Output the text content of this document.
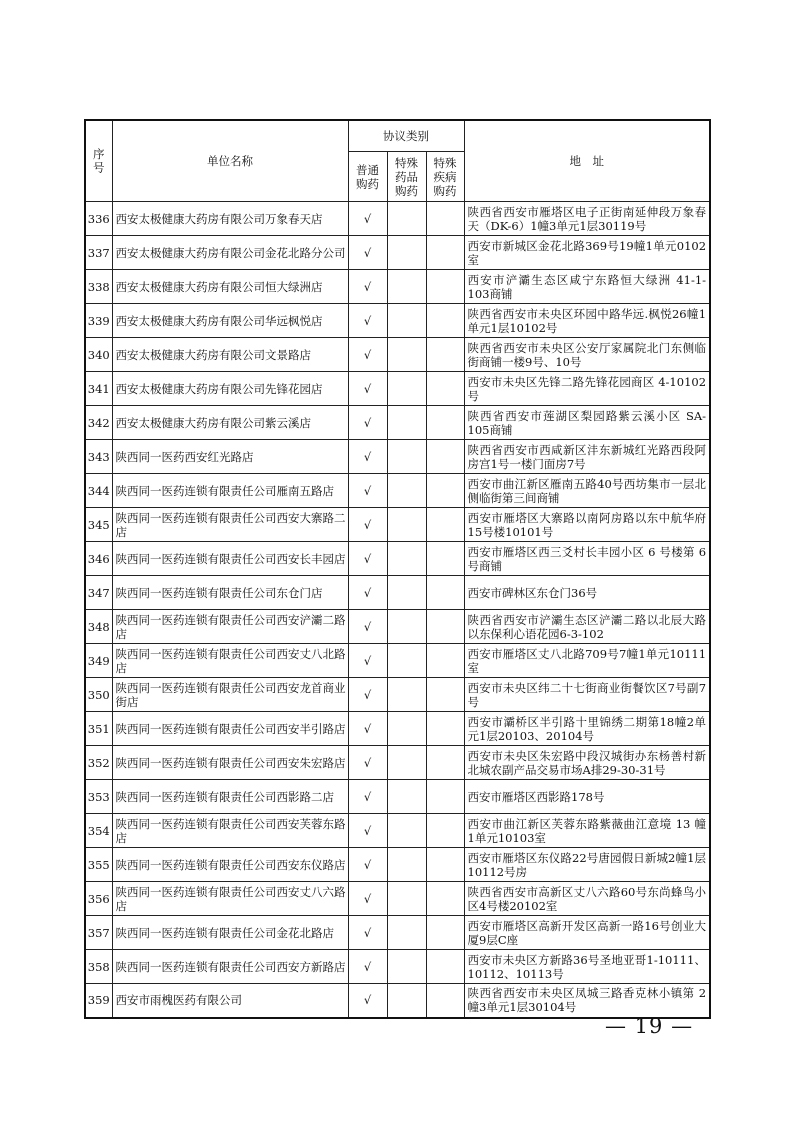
序号	单位名称	协议类别			地　址
		普通购药	特殊药品购药	特殊疾病购药	
336	西安太极健康大药房有限公司万象春天店	√			陕西省西安市雁塔区电子正街南延伸段万象春天（DK-6）1幢3单元1层30119号
337	西安太极健康大药房有限公司金花北路分公司	√			西安市新城区金花北路369号19幢1单元0102室
338	西安太极健康大药房有限公司恒大绿洲店	√			西安市浐灞生态区咸宁东路恒大绿洲 41-1-103商铺
339	西安太极健康大药房有限公司华远枫悦店	√			陕西省西安市未央区环园中路华远.枫悦26幢1单元1层10102号
340	西安太极健康大药房有限公司文景路店	√			陕西省西安市未央区公安厅家属院北门东侧临街商铺一楼9号、10号
341	西安太极健康大药房有限公司先锋花园店	√			西安市未央区先锋二路先锋花园商区 4-10102号
342	西安太极健康大药房有限公司紫云溪店	√			陕西省西安市莲湖区梨园路紫云溪小区 SA-105商铺
343	陕西同一医药西安红光路店	√			陕西省西安市西咸新区沣东新城红光路西段阿房宫1号一楼门面房7号
344	陕西同一医药连锁有限责任公司雁南五路店	√			西安市曲江新区雁南五路40号西坊集市一层北侧临街第三间商铺
345	陕西同一医药连锁有限责任公司西安大寨路二店	√			西安市雁塔区大寨路以南阿房路以东中航华府15号楼10101号
346	陕西同一医药连锁有限责任公司西安长丰园店	√			西安市雁塔区西三爻村长丰园小区 6 号楼第 6号商铺
347	陕西同一医药连锁有限责任公司东仓门店	√			西安市碑林区东仓门36号
348	陕西同一医药连锁有限责任公司西安浐灞二路店	√			陕西省西安市浐灞生态区浐灞二路以北辰大路以东保利心语花园6-3-102
349	陕西同一医药连锁有限责任公司西安丈八北路店	√			西安市雁塔区丈八北路709号7幢1单元10111室
350	陕西同一医药连锁有限责任公司西安龙首商业街店	√			西安市未央区纬二十七街商业街餐饮区7号副7号
351	陕西同一医药连锁有限责任公司西安半引路店	√			西安市灞桥区半引路十里锦绣二期第18幢2单元1层20103、20104号
352	陕西同一医药连锁有限责任公司西安朱宏路店	√			西安市未央区朱宏路中段汉城街办东杨善村新北城农副产品交易市场A排29-30-31号
353	陕西同一医药连锁有限责任公司西影路二店	√			西安市雁塔区西影路178号
354	陕西同一医药连锁有限责任公司西安芙蓉东路店	√			西安市曲江新区芙蓉东路紫薇曲江意境 13 幢 1单元10103室
355	陕西同一医药连锁有限责任公司西安东仪路店	√			西安市雁塔区东仪路22号唐园假日新城2幢1层10112号房
356	陕西同一医药连锁有限责任公司西安丈八六路店	√			陕西省西安市高新区丈八六路60号东尚蜂鸟小区4号楼20102室
357	陕西同一医药连锁有限责任公司金花北路店	√			西安市雁塔区高新开发区高新一路16号创业大厦9层C座
358	陕西同一医药连锁有限责任公司西安方新路店	√			西安市未央区方新路36号圣地亚哥1-10111、10112、10113号
359	西安市雨槐医药有限公司	√			陕西省西安市未央区凤城三路香克林小镇第 2幢3单元1层30104号
— 19 —
